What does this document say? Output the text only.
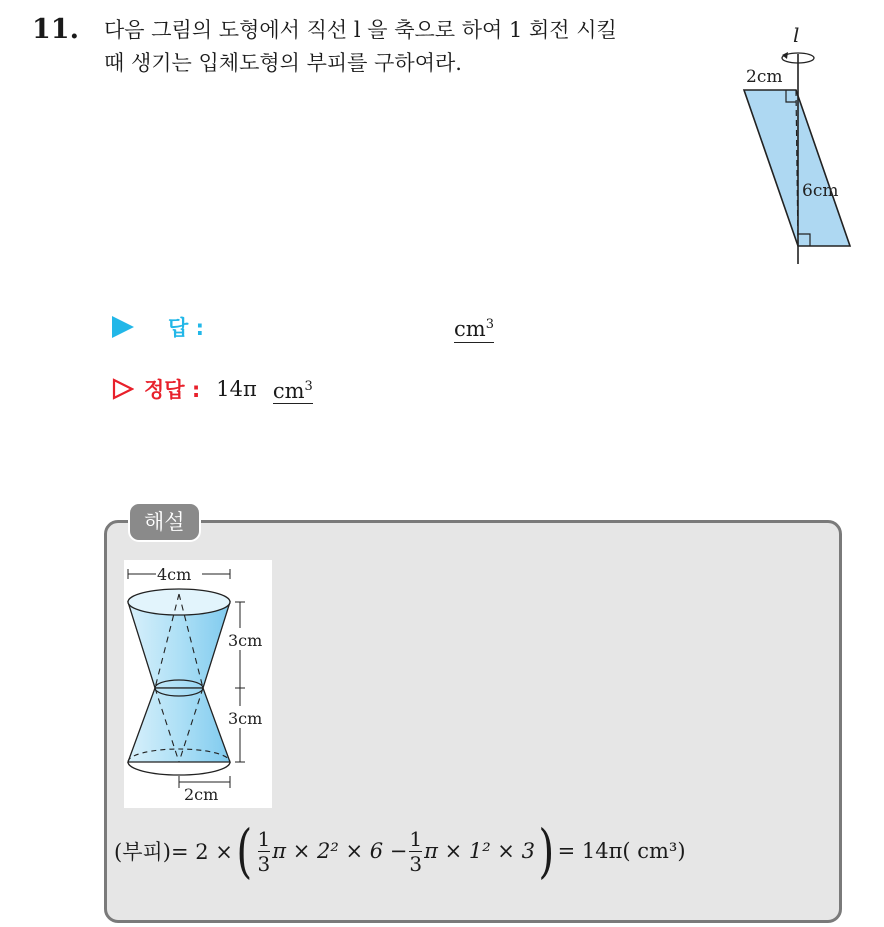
11. 다음 그림의 도형에서 직선 l 을 축으로 하여 1 회전 시킬
때 생기는 입체도형의 부피를 구하여라.
l
2cm
6cm
답 :	$cm^3$
정답 : 14π $cm^3$
해설
4cm
3cm
3cm
2cm
(부피)= 2 × ( $\frac{1}{3}$ $\pi \times 2^2 \times 6 - \frac{1}{3}$ π × 1² × 3 ) = 14π( cm³)
